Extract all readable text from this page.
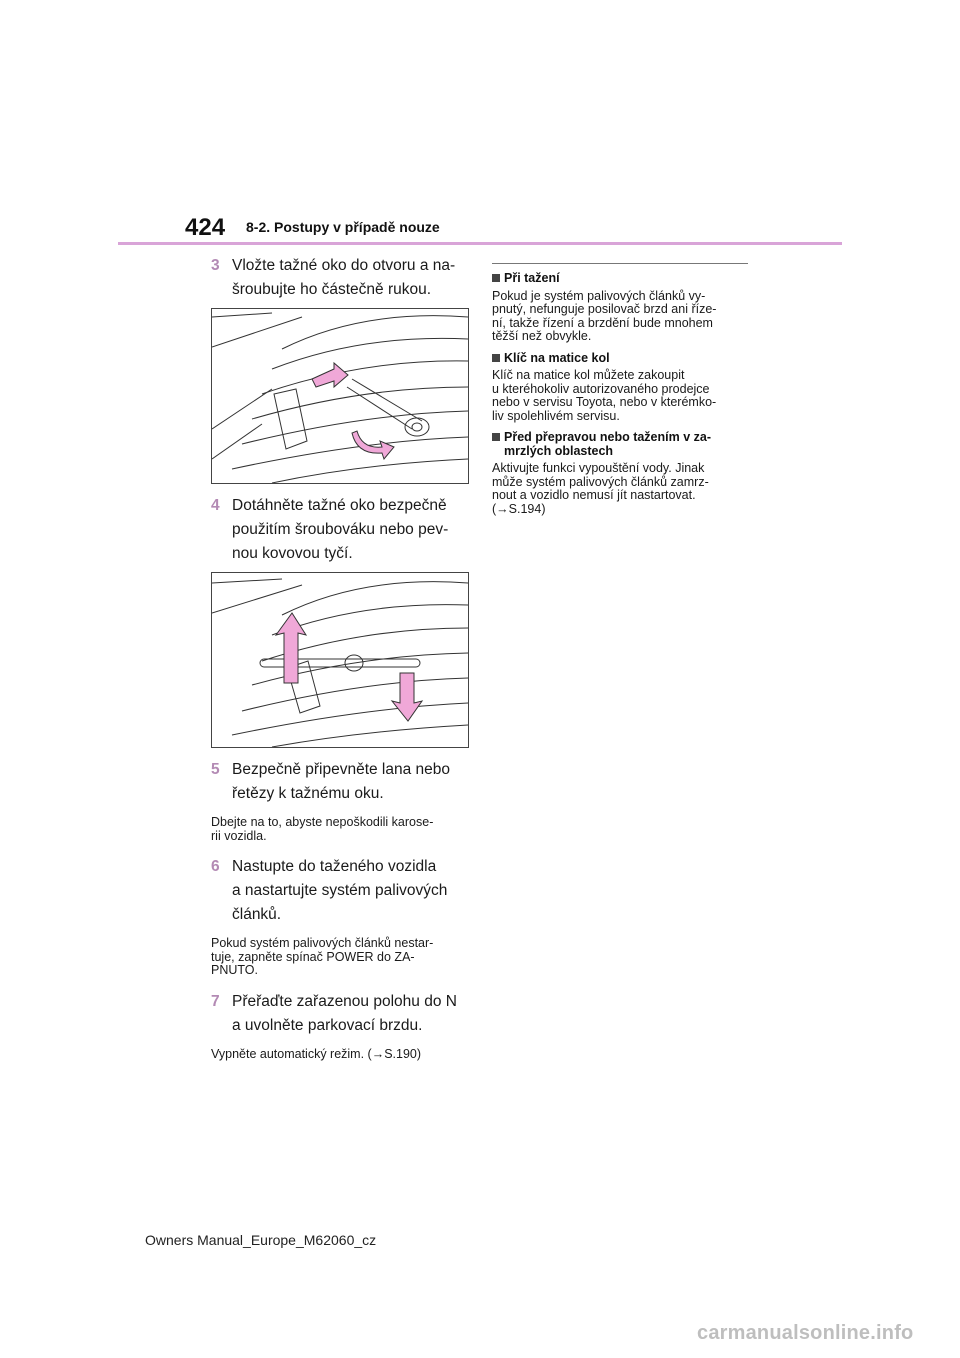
424 8-2. Postupy v případě nouze
3 Vložte tažné oko do otvoru a na-
šroubujte ho částečně rukou.
4 Dotáhněte tažné oko bezpečně
použitím šroubováku nebo pev-
nou kovovou tyčí.
5 Bezpečně připevněte lana nebo
řetězy k tažnému oku.
Dbejte na to, abyste nepoškodili karose-
rii vozidla.
6 Nastupte do taženého vozidla
a nastartujte systém palivových
článků.
Pokud systém palivových článků nestar-
tuje, zapněte spínač POWER do ZA-
PNUTO.
7 Přeřaďte zařazenou polohu do N
a uvolněte parkovací brzdu.
Vypněte automatický režim. (→S.190)
Při tažení
Pokud je systém palivových článků vy-
pnutý, nefunguje posilovač brzd ani říze-
ní, takže řízení a brzdění bude mnohem
těžší než obvykle.
Klíč na matice kol
Klíč na matice kol můžete zakoupit
u kteréhokoliv autorizovaného prodejce
nebo v servisu Toyota, nebo v kterémko-
liv spolehlivém servisu.
Před přepravou nebo tažením v za-
mrzlých oblastech
Aktivujte funkci vypouštění vody. Jinak
může systém palivových článků zamrz-
nout a vozidlo nemusí jít nastartovat.
(→S.194)
Owners Manual_Europe_M62060_cz
carmanualsonline.info
